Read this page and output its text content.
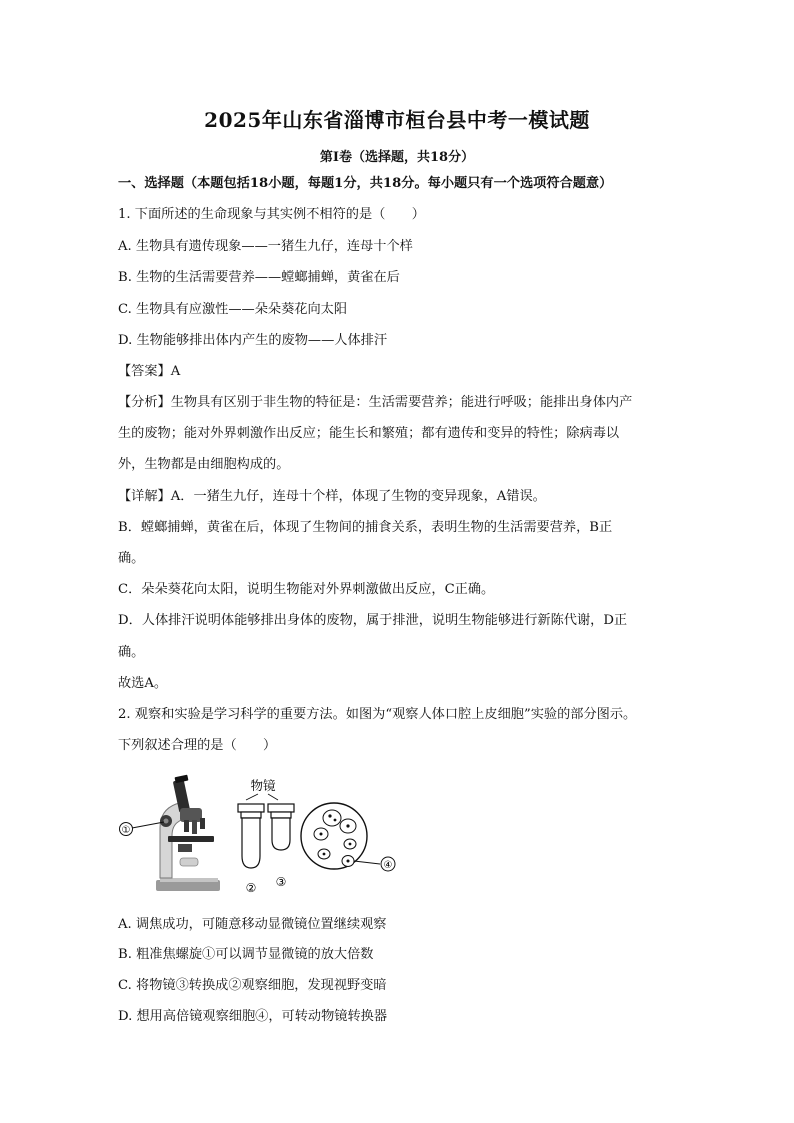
2025年山东省淄博市桓台县中考一模试题
第Ⅰ卷（选择题，共18分）
一、选择题（本题包括18小题，每题1分，共18分。每小题只有一个选项符合题意）
1. 下面所述的生命现象与其实例不相符的是（　　）
A. 生物具有遗传现象——一猪生九仔，连母十个样
B. 生物的生活需要营养——螳螂捕蝉，黄雀在后
C. 生物具有应激性——朵朵葵花向太阳
D. 生物能够排出体内产生的废物——人体排汗
【答案】A
【分析】生物具有区别于非生物的特征是：生活需要营养；能进行呼吸；能排出身体内产
生的废物；能对外界刺激作出反应；能生长和繁殖；都有遗传和变异的特性；除病毒以
外，生物都是由细胞构成的。
【详解】A．一猪生九仔，连母十个样，体现了生物的变异现象，A错误。
B．螳螂捕蝉，黄雀在后，体现了生物间的捕食关系，表明生物的生活需要营养，B正
确。
C．朵朵葵花向太阳，说明生物能对外界刺激做出反应，C正确。
D．人体排汗说明体能够排出身体的废物，属于排泄，说明生物能够进行新陈代谢，D正
确。
故选A。
2. 观察和实验是学习科学的重要方法。如图为“观察人体口腔上皮细胞”实验的部分图示。
下列叙述合理的是（　　）
①
物镜
② ③
④
A. 调焦成功，可随意移动显微镜位置继续观察
B. 粗准焦螺旋①可以调节显微镜的放大倍数
C. 将物镜③转换成②观察细胞，发现视野变暗
D. 想用高倍镜观察细胞④，可转动物镜转换器
